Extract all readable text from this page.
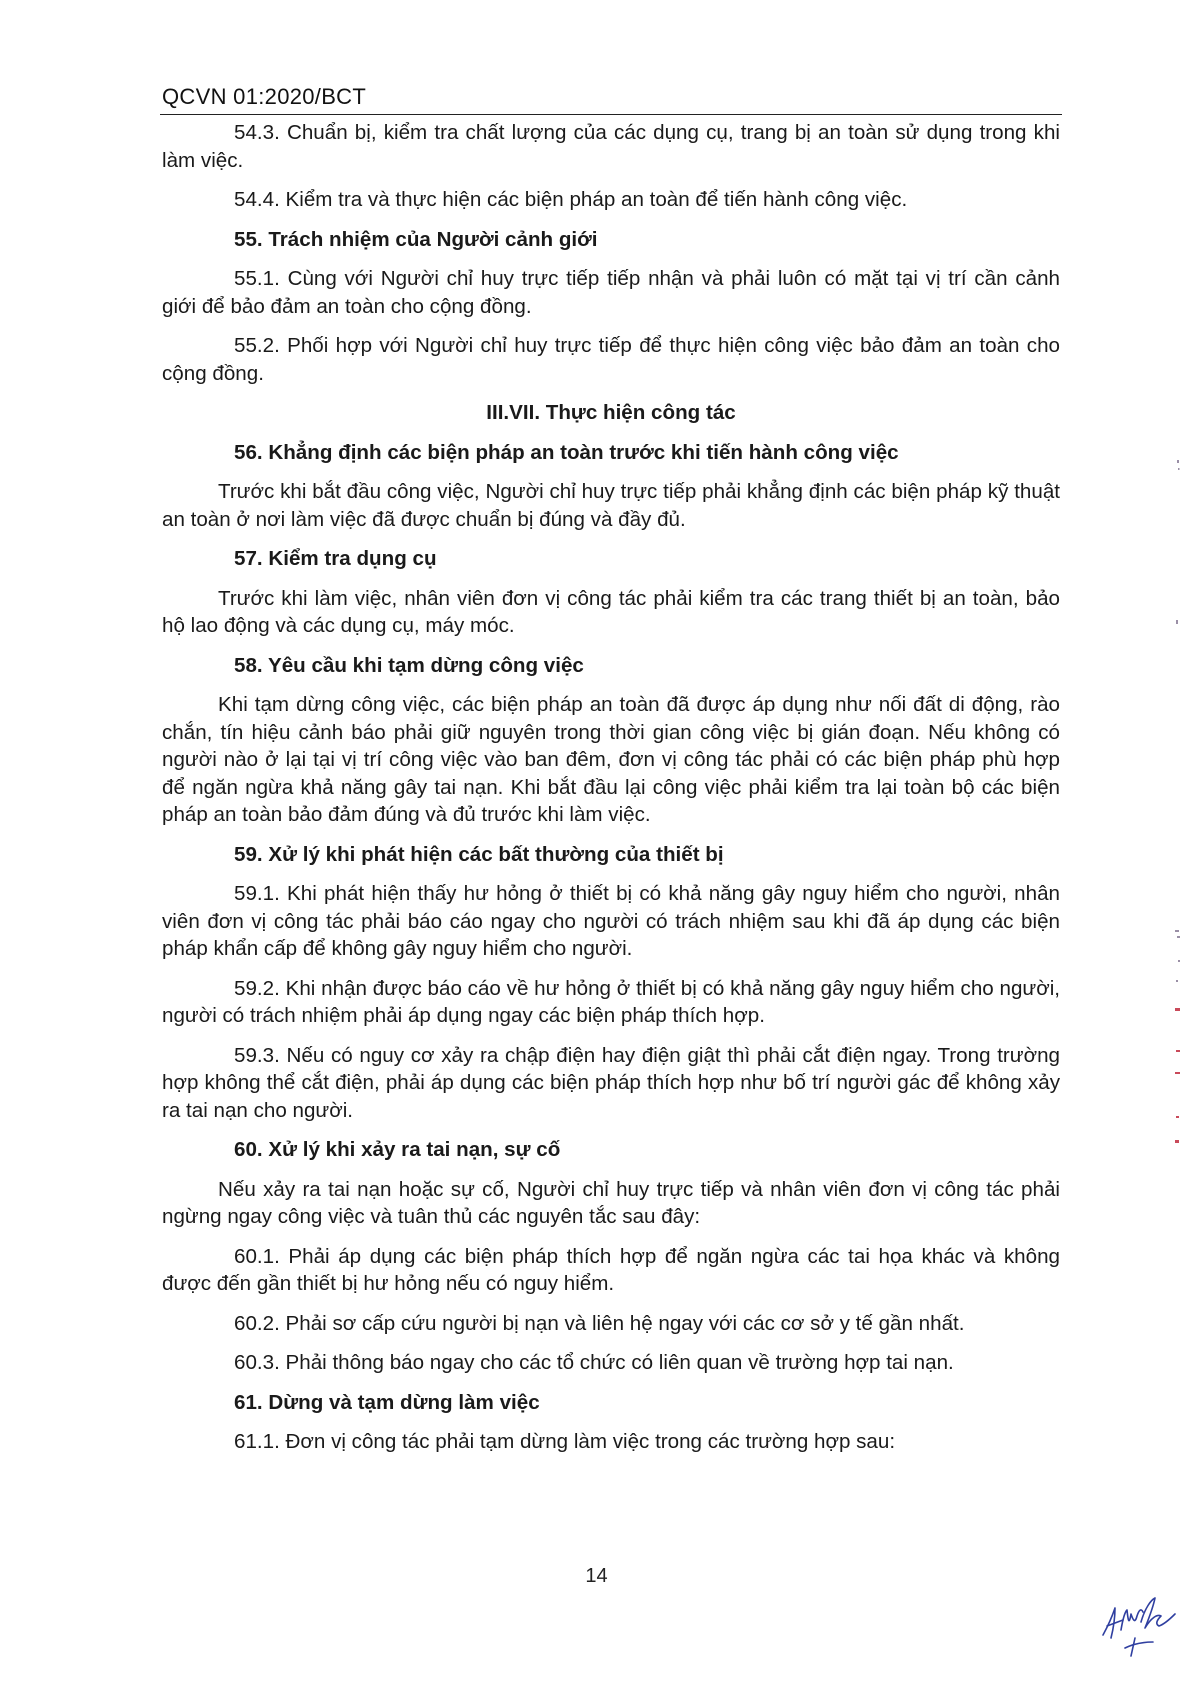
QCVN 01:2020/BCT

54.3. Chuẩn bị, kiểm tra chất lượng của các dụng cụ, trang bị an toàn sử dụng trong khi làm việc.

54.4. Kiểm tra và thực hiện các biện pháp an toàn để tiến hành công việc.

55. Trách nhiệm của Người cảnh giới

55.1. Cùng với Người chỉ huy trực tiếp tiếp nhận và phải luôn có mặt tại vị trí cần cảnh giới để bảo đảm an toàn cho cộng đồng.

55.2. Phối hợp với Người chỉ huy trực tiếp để thực hiện công việc bảo đảm an toàn cho cộng đồng.

III.VII. Thực hiện công tác

56. Khẳng định các biện pháp an toàn trước khi tiến hành công việc

Trước khi bắt đầu công việc, Người chỉ huy trực tiếp phải khẳng định các biện pháp kỹ thuật an toàn ở nơi làm việc đã được chuẩn bị đúng và đầy đủ.

57. Kiểm tra dụng cụ

Trước khi làm việc, nhân viên đơn vị công tác phải kiểm tra các trang thiết bị an toàn, bảo hộ lao động và các dụng cụ, máy móc.

58. Yêu cầu khi tạm dừng công việc

Khi tạm dừng công việc, các biện pháp an toàn đã được áp dụng như nối đất di động, rào chắn, tín hiệu cảnh báo phải giữ nguyên trong thời gian công việc bị gián đoạn. Nếu không có người nào ở lại tại vị trí công việc vào ban đêm, đơn vị công tác phải có các biện pháp phù hợp để ngăn ngừa khả năng gây tai nạn. Khi bắt đầu lại công việc phải kiểm tra lại toàn bộ các biện pháp an toàn bảo đảm đúng và đủ trước khi làm việc.

59. Xử lý khi phát hiện các bất thường của thiết bị

59.1. Khi phát hiện thấy hư hỏng ở thiết bị có khả năng gây nguy hiểm cho người, nhân viên đơn vị công tác phải báo cáo ngay cho người có trách nhiệm sau khi đã áp dụng các biện pháp khẩn cấp để không gây nguy hiểm cho người.

59.2. Khi nhận được báo cáo về hư hỏng ở thiết bị có khả năng gây nguy hiểm cho người, người có trách nhiệm phải áp dụng ngay các biện pháp thích hợp.

59.3. Nếu có nguy cơ xảy ra chập điện hay điện giật thì phải cắt điện ngay. Trong trường hợp không thể cắt điện, phải áp dụng các biện pháp thích hợp như bố trí người gác để không xảy ra tai nạn cho người.

60. Xử lý khi xảy ra tai nạn, sự cố

Nếu xảy ra tai nạn hoặc sự cố, Người chỉ huy trực tiếp và nhân viên đơn vị công tác phải ngừng ngay công việc và tuân thủ các nguyên tắc sau đây:

60.1. Phải áp dụng các biện pháp thích hợp để ngăn ngừa các tai họa khác và không được đến gần thiết bị hư hỏng nếu có nguy hiểm.

60.2. Phải sơ cấp cứu người bị nạn và liên hệ ngay với các cơ sở y tế gần nhất.

60.3. Phải thông báo ngay cho các tổ chức có liên quan về trường hợp tai nạn.

61. Dừng và tạm dừng làm việc

61.1. Đơn vị công tác phải tạm dừng làm việc trong các trường hợp sau:

14
